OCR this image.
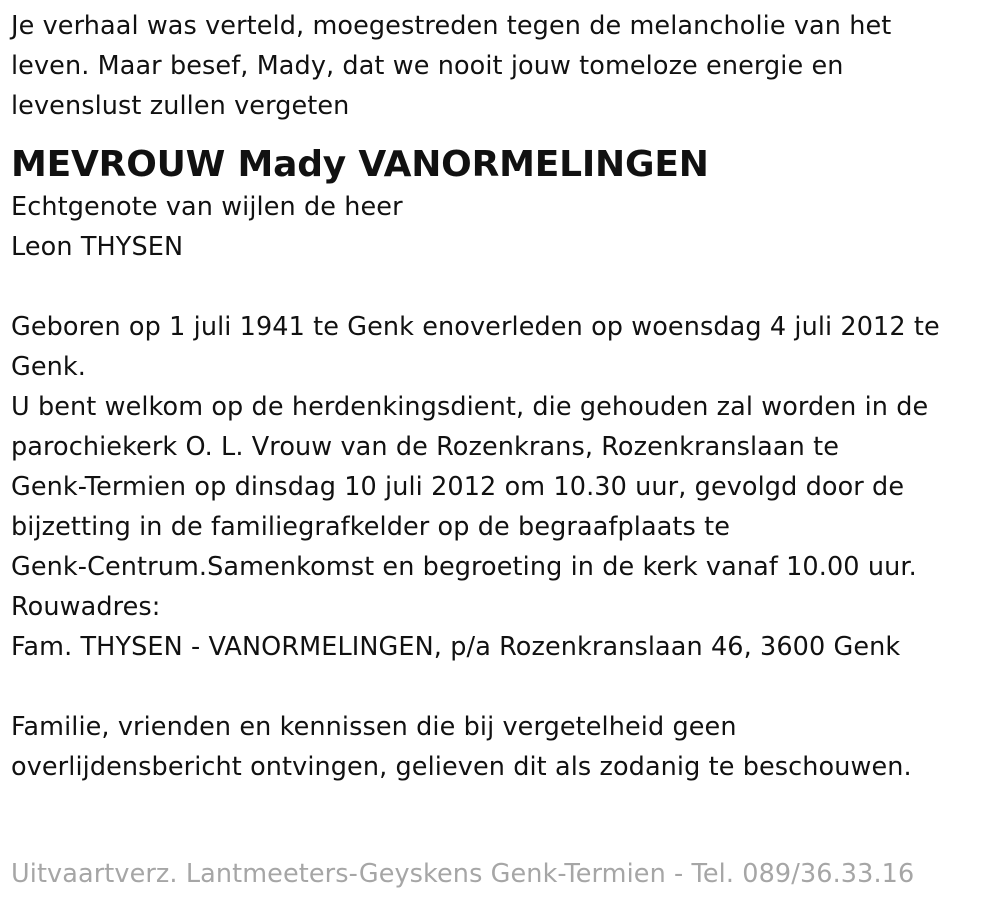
Je verhaal was verteld, moegestreden tegen de melancholie van het
leven. Maar besef, Mady, dat we nooit jouw tomeloze energie en
levenslust zullen vergeten
MEVROUW Mady VANORMELINGEN
Echtgenote van wijlen de heer
Leon THYSEN
Geboren op 1 juli 1941 te Genk enoverleden op woensdag 4 juli 2012 te
Genk.
U bent welkom op de herdenkingsdient, die gehouden zal worden in de
parochiekerk O. L. Vrouw van de Rozenkrans, Rozenkranslaan te
Genk-Termien op dinsdag 10 juli 2012 om 10.30 uur, gevolgd door de
bijzetting in de familiegrafkelder op de begraafplaats te
Genk-Centrum.Samenkomst en begroeting in de kerk vanaf 10.00 uur.
Rouwadres:
Fam. THYSEN - VANORMELINGEN, p/a Rozenkranslaan 46, 3600 Genk
Familie, vrienden en kennissen die bij vergetelheid geen
overlijdensbericht ontvingen, gelieven dit als zodanig te beschouwen.
Uitvaartverz. Lantmeeters-Geyskens Genk-Termien - Tel. 089/36.33.16
